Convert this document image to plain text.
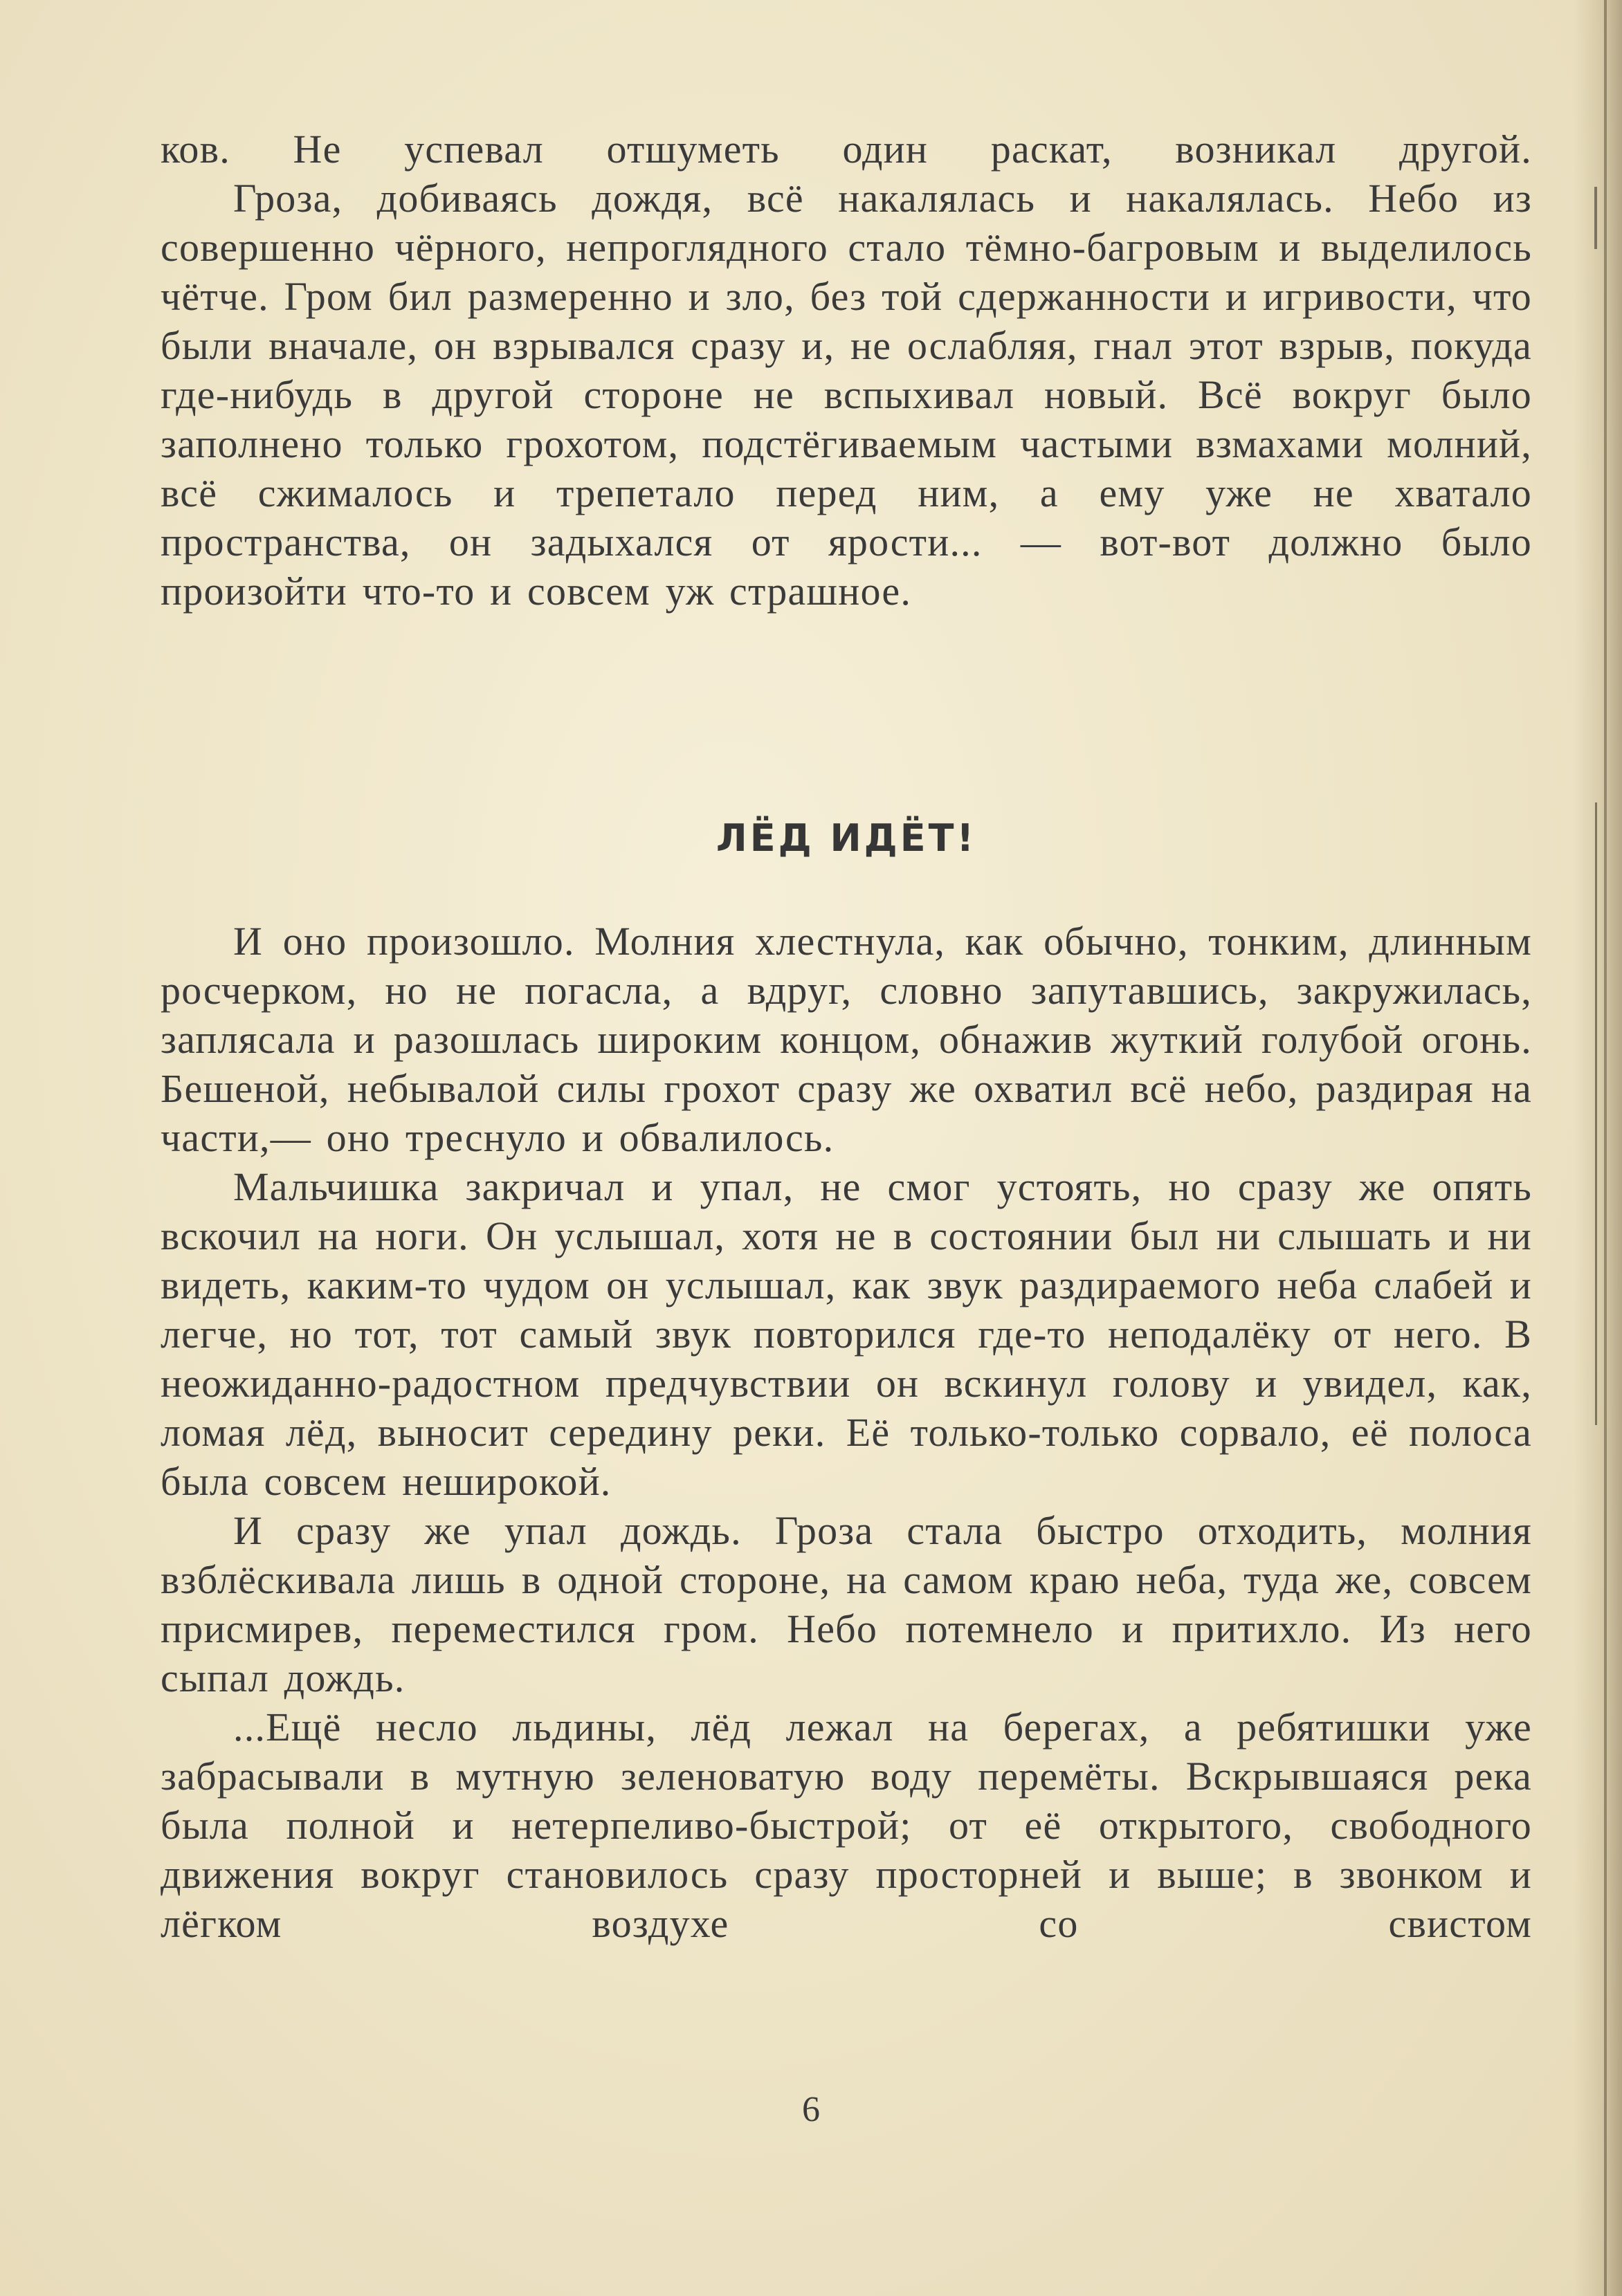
ков. Не успевал отшуметь один раскат, возникал другой.

Гроза, добиваясь дождя, всё накалялась и накалялась. Небо из совершенно чёрного, непроглядного стало тёмно-багровым и выделилось чётче. Гром бил размеренно и зло, без той сдержанности и игривости, что были вначале, он взрывался сразу и, не ослабляя, гнал этот взрыв, покуда где-нибудь в другой стороне не вспыхивал новый. Всё вокруг было заполнено только грохотом, подстёгиваемым частыми взмахами молний, всё сжималось и трепетало перед ним, а ему уже не хватало пространства, он задыхался от ярости... — вот-вот должно было произойти что-то и совсем уж страшное.

ЛЁД ИДЁТ!

И оно произошло. Молния хлестнула, как обычно, тонким, длинным росчерком, но не погасла, а вдруг, словно запутавшись, закружилась, заплясала и разошлась широким концом, обнажив жуткий голубой огонь. Бешеной, небывалой силы грохот сразу же охватил всё небо, раздирая на части,— оно треснуло и обвалилось.

Мальчишка закричал и упал, не смог устоять, но сразу же опять вскочил на ноги. Он услышал, хотя не в состоянии был ни слышать и ни видеть, каким-то чудом он услышал, как звук раздираемого неба слабей и легче, но тот, тот самый звук повторился где-то неподалёку от него. В неожиданно-радостном предчувствии он вскинул голову и увидел, как, ломая лёд, выносит середину реки. Её только-только сорвало, её полоса была совсем неширокой.

И сразу же упал дождь. Гроза стала быстро отходить, молния взблёскивала лишь в одной стороне, на самом краю неба, туда же, совсем присмирев, переместился гром. Небо потемнело и притихло. Из него сыпал дождь.

...Ещё несло льдины, лёд лежал на берегах, а ребятишки уже забрасывали в мутную зеленоватую воду перемёты. Вскрывшаяся река была полной и нетерпеливо-быстрой; от её открытого, свободного движения вокруг становилось сразу просторней и выше; в звонком и лёгком воздухе со свистом

6
